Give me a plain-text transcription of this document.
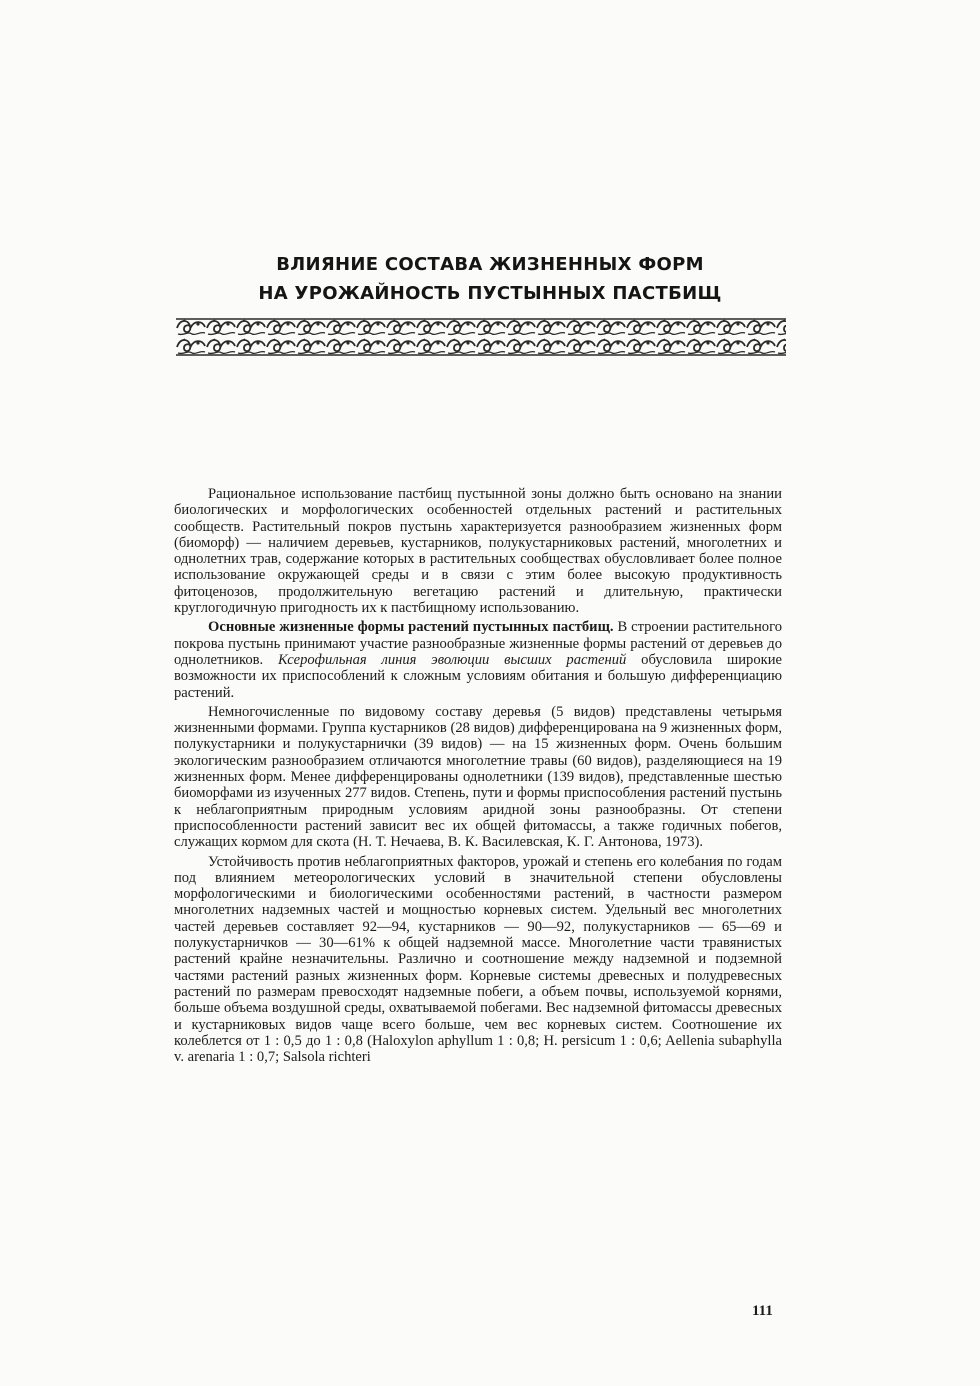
ВЛИЯНИЕ СОСТАВА ЖИЗНЕННЫХ ФОРМ
НА УРОЖАЙНОСТЬ ПУСТЫННЫХ ПАСТБИЩ

Рациональное использование пастбищ пустынной зоны должно быть основано на знании биологических и морфологических особенностей отдельных растений и растительных сообществ. Растительный покров пустынь характеризуется разнообразием жизненных форм (биоморф) — наличием деревьев, кустарников, полукустарниковых растений, многолетних и однолетних трав, содержание которых в растительных сообществах обусловливает более полное использование окружающей среды и в связи с этим более высокую продуктивность фитоценозов, продолжительную вегетацию растений и длительную, практически круглогодичную пригодность их к пастбищному использованию.

Основные жизненные формы растений пустынных пастбищ. В строении растительного покрова пустынь принимают участие разнообразные жизненные формы растений от деревьев до однолетников. Ксерофильная линия эволюции высших растений обусловила широкие возможности их приспособлений к сложным условиям обитания и большую дифференциацию растений.

Немногочисленные по видовому составу деревья (5 видов) представлены четырьмя жизненными формами. Группа кустарников (28 видов) дифференцирована на 9 жизненных форм, полукустарники и полукустарнички (39 видов) — на 15 жизненных форм. Очень большим экологическим разнообразием отличаются многолетние травы (60 видов), разделяющиеся на 19 жизненных форм. Менее дифференцированы однолетники (139 видов), представленные шестью биоморфами из изученных 277 видов. Степень, пути и формы приспособления растений пустынь к неблагоприятным природным условиям аридной зоны разнообразны. От степени приспособленности растений зависит вес их общей фитомассы, а также годичных побегов, служащих кормом для скота (Н. Т. Нечаева, В. К. Василевская, К. Г. Антонова, 1973).

Устойчивость против неблагоприятных факторов, урожай и степень его колебания по годам под влиянием метеорологических условий в значительной степени обусловлены морфологическими и биологическими особенностями растений, в частности размером многолетних надземных частей и мощностью корневых систем. Удельный вес многолетних частей деревьев составляет 92—94, кустарников — 90—92, полукустарников — 65—69 и полукустарничков — 30—61% к общей надземной массе. Многолетние части травянистых растений крайне незначительны. Различно и соотношение между надземной и подземной частями растений разных жизненных форм. Корневые системы древесных и полудревесных растений по размерам превосходят надземные побеги, а объем почвы, используемой корнями, больше объема воздушной среды, охватываемой побегами. Вес надземной фитомассы древесных и кустарниковых видов чаще всего больше, чем вес корневых систем. Соотношение их колеблется от 1 : 0,5 до 1 : 0,8 (Haloxylon aphyllum 1 : 0,8; H. persicum 1 : 0,6; Aellenia subaphylla v. arenaria 1 : 0,7; Salsola richteri

111
